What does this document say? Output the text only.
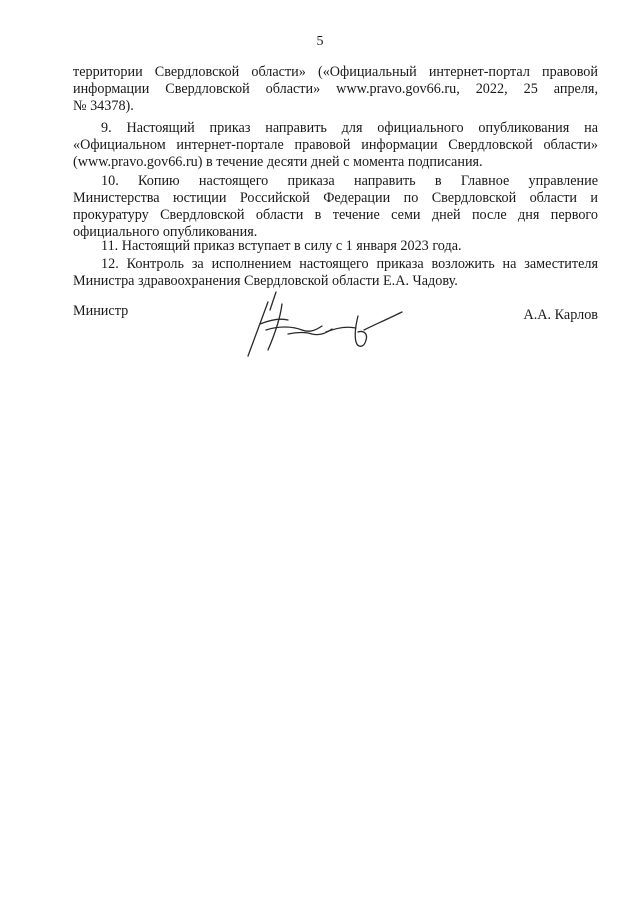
5
территории Свердловской области» («Официальный интернет-портал правовой
информации Свердловской области» www.pravo.gov66.ru, 2022, 25 апреля,
№ 34378).
9. Настоящий приказ направить для официального опубликования на
«Официальном интернет-портале правовой информации Свердловской области»
(www.pravo.gov66.ru) в течение десяти дней с момента подписания.
10. Копию настоящего приказа направить в Главное управление
Министерства юстиции Российской Федерации по Свердловской области и
прокуратуру Свердловской области в течение семи дней после дня первого
официального опубликования.
11. Настоящий приказ вступает в силу с 1 января 2023 года.
12. Контроль за исполнением настоящего приказа возложить на заместителя
Министра здравоохранения Свердловской области Е.А. Чадову.
Министр	А.А. Карлов
